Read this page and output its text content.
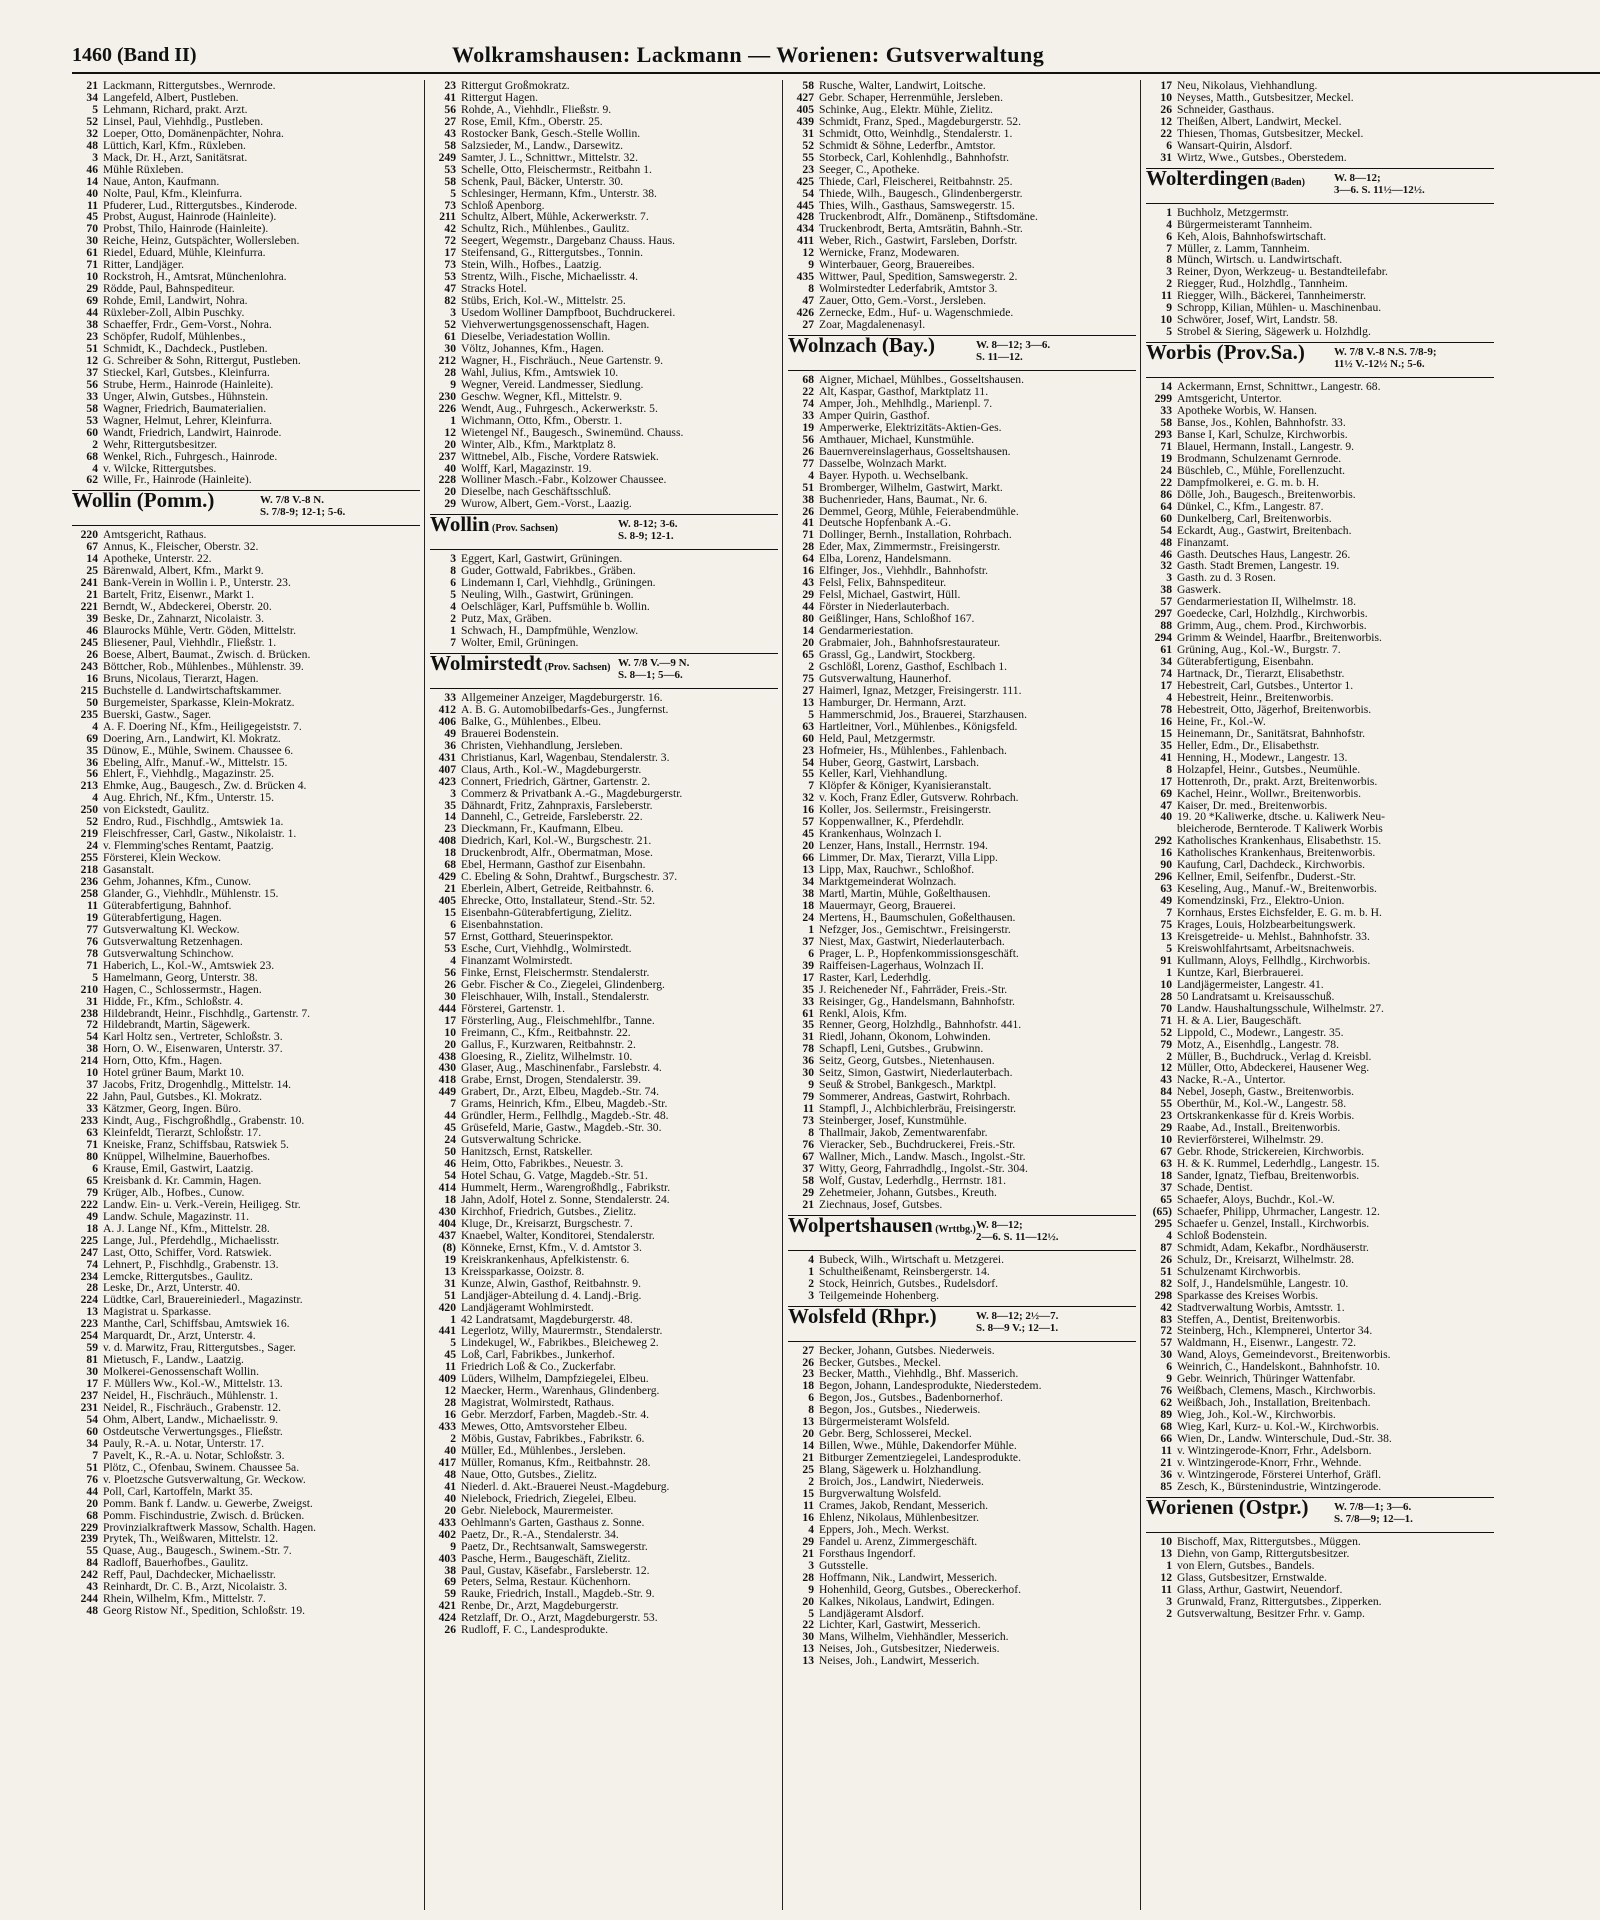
1460 (Band II)	Wolkramshausen: Lackmann — Worienen: Gutsverwaltung
21 Lackmann, Rittergutsbes., Wernrode.
34 Langefeld, Albert, Pustleben.
5 Lehmann, Richard, prakt. Arzt.
52 Linsel, Paul, Viehhdlg., Pustleben.
32 Loeper, Otto, Domänenpächter, Nohra.
48 Lüttich, Karl, Kfm., Rüxleben.
3 Mack, Dr. H., Arzt, Sanitätsrat.
46 Mühle Rüxleben.
14 Naue, Anton, Kaufmann.
40 Nolte, Paul, Kfm., Kleinfurra.
11 Pfuderer, Lud., Rittergutsbes., Kinderode.
45 Probst, August, Hainrode (Hainleite).
70 Probst, Thilo, Hainrode (Hainleite).
30 Reiche, Heinz, Gutspächter, Wollersleben.
61 Riedel, Eduard, Mühle, Kleinfurra.
71 Ritter, Landjäger.
10 Rockstroh, H., Amtsrat, Münchenlohra.
29 Rödde, Paul, Bahnspediteur.
69 Rohde, Emil, Landwirt, Nohra.
44 Rüxleber-Zoll, Albin Puschky.
38 Schaeffer, Frdr., Gem-Vorst., Nohra.
23 Schöpfer, Rudolf, Mühlenbes.,
51 Schmidt, K., Dachdeck., Pustleben.
12 G. Schreiber & Sohn, Rittergut, Pustleben.
37 Stieckel, Karl, Gutsbes., Kleinfurra.
56 Strube, Herm., Hainrode (Hainleite).
33 Unger, Alwin, Gutsbes., Hühnstein.
58 Wagner, Friedrich, Baumaterialien.
53 Wagner, Helmut, Lehrer, Kleinfurra.
60 Wandt, Friedrich, Landwirt, Hainrode.
2 Wehr, Rittergutsbesitzer.
68 Wenkel, Rich., Fuhrgesch., Hainrode.
4 v. Wilcke, Rittergutsbes.
62 Wille, Fr., Hainrode (Hainleite).
Wollin (Pomm.)	W. 7/8 V.-8 N.
S. 7/8-9; 12-1; 5-6.
220 Amtsgericht, Rathaus.
67 Annus, K., Fleischer, Oberstr. 32.
14 Apotheke, Unterstr. 22.
25 Bärenwald, Albert, Kfm., Markt 9.
241 Bank-Verein in Wollin i. P., Unterstr. 23.
21 Bartelt, Fritz, Eisenwr., Markt 1.
221 Berndt, W., Abdeckerei, Oberstr. 20.
39 Beske, Dr., Zahnarzt, Nicolaistr. 3.
46 Blaurocks Mühle, Vertr. Göden, Mittelstr.
245 Bliesener, Paul, Viehhdlr., Fließstr. 1.
26 Boese, Albert, Baumat., Zwisch. d. Brücken.
243 Böttcher, Rob., Mühlenbes., Mühlenstr. 39.
16 Bruns, Nicolaus, Tierarzt, Hagen.
215 Buchstelle d. Landwirtschaftskammer.
50 Burgemeister, Sparkasse, Klein-Mokratz.
235 Buerski, Gastw., Sager.
4 A. F. Doering Nf., Kfm., Heiligegeiststr. 7.
69 Doering, Arn., Landwirt, Kl. Mokratz.
35 Dünow, E., Mühle, Swinem. Chaussee 6.
36 Ebeling, Alfr., Manuf.-W., Mittelstr. 15.
56 Ehlert, F., Viehhdlg., Magazinstr. 25.
213 Ehmke, Aug., Baugesch., Zw. d. Brücken 4.
4 Aug. Ehrich, Nf., Kfm., Unterstr. 15.
250 von Eickstedt, Gaulitz.
52 Endro, Rud., Fischhdlg., Amtswiek 1a.
219 Fleischfresser, Carl, Gastw., Nikolaistr. 1.
24 v. Flemming'sches Rentamt, Paatzig.
255 Försterei, Klein Weckow.
218 Gasanstalt.
236 Gehm, Johannes, Kfm., Cunow.
258 Glander, G., Viehhdlr., Mühlenstr. 15.
11 Güterabfertigung, Bahnhof.
19 Güterabfertigung, Hagen.
77 Gutsverwaltung Kl. Weckow.
76 Gutsverwaltung Retzenhagen.
78 Gutsverwaltung Schinchow.
71 Haberich, L., Kol.-W., Amtswiek 23.
5 Hamelmann, Georg, Unterstr. 38.
210 Hagen, C., Schlossermstr., Hagen.
31 Hidde, Fr., Kfm., Schloßstr. 4.
238 Hildebrandt, Heinr., Fischhdlg., Gartenstr. 7.
72 Hildebrandt, Martin, Sägewerk.
54 Karl Holtz sen., Vertreter, Schloßstr. 3.
38 Horn, O. W., Eisenwaren, Unterstr. 37.
214 Horn, Otto, Kfm., Hagen.
10 Hotel grüner Baum, Markt 10.
37 Jacobs, Fritz, Drogenhdlg., Mittelstr. 14.
22 Jahn, Paul, Gutsbes., Kl. Mokratz.
33 Kätzmer, Georg, Ingen. Büro.
233 Kindt, Aug., Fischgroßhdlg., Grabenstr. 10.
63 Kleinfeldt, Tierarzt, Schloßstr. 17.
71 Kneiske, Franz, Schiffsbau, Ratswiek 5.
80 Knüppel, Wilhelmine, Bauerhofbes.
6 Krause, Emil, Gastwirt, Laatzig.
65 Kreisbank d. Kr. Cammin, Hagen.
79 Krüger, Alb., Hofbes., Cunow.
222 Landw. Ein- u. Verk.-Verein, Heiligeg. Str.
49 Landw. Schule, Magazinstr. 11.
18 A. J. Lange Nf., Kfm., Mittelstr. 28.
225 Lange, Jul., Pferdehdlg., Michaelisstr.
247 Last, Otto, Schiffer, Vord. Ratswiek.
74 Lehnert, P., Fischhdlg., Grabenstr. 13.
234 Lemcke, Rittergutsbes., Gaulitz.
28 Leske, Dr., Arzt, Unterstr. 40.
224 Lüdtke, Carl, Brauereiniederl., Magazinstr.
13 Magistrat u. Sparkasse.
223 Manthe, Carl, Schiffsbau, Amtswiek 16.
254 Marquardt, Dr., Arzt, Unterstr. 4.
59 v. d. Marwitz, Frau, Rittergutsbes., Sager.
81 Mietusch, F., Landw., Laatzig.
30 Molkerei-Genossenschaft Wollin.
17 F. Müllers Ww., Kol.-W., Mittelstr. 13.
237 Neidel, H., Fischräuch., Mühlenstr. 1.
231 Neidel, R., Fischräuch., Grabenstr. 12.
54 Ohm, Albert, Landw., Michaelisstr. 9.
60 Ostdeutsche Verwertungsges., Fließstr.
34 Pauly, R.-A. u. Notar, Unterstr. 17.
7 Pavelt, K., R.-A. u. Notar, Schloßstr. 3.
51 Plötz, C., Ofenbau, Swinem. Chaussee 5a.
76 v. Ploetzsche Gutsverwaltung, Gr. Weckow.
44 Poll, Carl, Kartoffeln, Markt 35.
20 Pomm. Bank f. Landw. u. Gewerbe, Zweigst.
68 Pomm. Fischindustrie, Zwisch. d. Brücken.
229 Provinzialkraftwerk Massow, Schalth. Hagen.
239 Prytek, Th., Weißwaren, Mittelstr. 12.
55 Quase, Aug., Baugesch., Swinem.-Str. 7.
84 Radloff, Bauerhofbes., Gaulitz.
242 Reff, Paul, Dachdecker, Michaelisstr.
43 Reinhardt, Dr. C. B., Arzt, Nicolaistr. 3.
244 Rhein, Wilhelm, Kfm., Mittelstr. 7.
48 Georg Ristow Nf., Spedition, Schloßstr. 19.
23 Rittergut Großmokratz.
41 Rittergut Hagen.
56 Rohde, A., Viehhdlr., Fließstr. 9.
27 Rose, Emil, Kfm., Oberstr. 25.
43 Rostocker Bank, Gesch.-Stelle Wollin.
58 Salzsieder, M., Landw., Darsewitz.
249 Samter, J. L., Schnittwr., Mittelstr. 32.
53 Schelle, Otto, Fleischermstr., Reitbahn 1.
58 Schenk, Paul, Bäcker, Unterstr. 30.
5 Schlesinger, Hermann, Kfm., Unterstr. 38.
73 Schloß Apenborg.
211 Schultz, Albert, Mühle, Ackerwerkstr. 7.
42 Schultz, Rich., Mühlenbes., Gaulitz.
72 Seegert, Wegemstr., Dargebanz Chauss. Haus.
17 Steifensand, G., Rittergutsbes., Tonnin.
73 Stein, Wilh., Hofbes., Laatzig.
53 Strentz, Wilh., Fische, Michaelisstr. 4.
47 Stracks Hotel.
82 Stübs, Erich, Kol.-W., Mittelstr. 25.
3 Usedom Wolliner Dampfboot, Buchdruckerei.
52 Viehverwertungsgenossenschaft, Hagen.
61 Dieselbe, Veriadestation Wollin.
30 Völtz, Johannes, Kfm., Hagen.
212 Wagner, H., Fischräuch., Neue Gartenstr. 9.
28 Wahl, Julius, Kfm., Amtswiek 10.
9 Wegner, Vereid. Landmesser, Siedlung.
230 Geschw. Wegner, Kfl., Mittelstr. 9.
226 Wendt, Aug., Fuhrgesch., Ackerwerkstr. 5.
1 Wichmann, Otto, Kfm., Oberstr. 1.
12 Wietengel Nf., Baugesch., Swinemünd. Chauss.
20 Winter, Alb., Kfm., Marktplatz 8.
237 Wittnebel, Alb., Fische, Vordere Ratswiek.
40 Wolff, Karl, Magazinstr. 19.
228 Wolliner Masch.-Fabr., Kolzower Chaussee.
20 Dieselbe, nach Geschäftsschluß.
29 Wurow, Albert, Gem.-Vorst., Laazig.
Wollin (Prov. Sachsen)	W. 8-12; 3-6.
S. 8-9; 12-1.
3 Eggert, Karl, Gastwirt, Grüningen.
8 Guder, Gottwald, Fabrikbes., Gräben.
6 Lindemann I, Carl, Viehhdlg., Grüningen.
5 Neuling, Wilh., Gastwirt, Grüningen.
4 Oelschläger, Karl, Puffsmühle b. Wollin.
2 Putz, Max, Gräben.
1 Schwach, H., Dampfmühle, Wenzlow.
7 Wolter, Emil, Grüningen.
Wolmirstedt (Prov. Sachsen) W. 7/8 V.—9 N.
S. 8—1; 5—6.
33 Allgemeiner Anzeiger, Magdeburgerstr. 16.
412 A. B. G. Automobilbedarfs-Ges., Jungfernst.
406 Balke, G., Mühlenbes., Elbeu.
49 Brauerei Bodenstein.
36 Christen, Viehhandlung, Jersleben.
431 Christianus, Karl, Wagenbau, Stendalerstr. 3.
407 Claus, Arth., Kol.-W., Magdeburgerstr.
423 Connert, Friedrich, Gärtner, Gartenstr. 2.
3 Commerz & Privatbank A.-G., Magdeburgerstr.
35 Dähnardt, Fritz, Zahnpraxis, Farsleberstr.
14 Dannehl, C., Getreide, Farsleberstr. 22.
23 Dieckmann, Fr., Kaufmann, Elbeu.
408 Diedrich, Karl, Kol.-W., Burgschestr. 21.
18 Druckenbrodt, Alfr., Obermatman, Mose.
68 Ebel, Hermann, Gasthof zur Eisenbahn.
429 C. Ebeling & Sohn, Drahtwf., Burgschestr. 37.
21 Eberlein, Albert, Getreide, Reitbahnstr. 6.
405 Ehrecke, Otto, Installateur, Stend.-Str. 52.
15 Eisenbahn-Güterabfertigung, Zielitz.
6 Eisenbahnstation.
57 Ernst, Gotthard, Steuerinspektor.
53 Esche, Curt, Viehhdlg., Wolmirstedt.
4 Finanzamt Wolmirstedt.
56 Finke, Ernst, Fleischermstr. Stendalerstr.
26 Gebr. Fischer & Co., Ziegelei, Glindenberg.
30 Fleischhauer, Wilh, Install., Stendalerstr.
444 Försterei, Gartenstr. 1.
17 Försterling, Aug., Fleischmehlfbr., Tanne.
10 Freimann, C., Kfm., Reitbahnstr. 22.
20 Gallus, F., Kurzwaren, Reitbahnstr. 2.
438 Gloesing, R., Zielitz, Wilhelmstr. 10.
430 Glaser, Aug., Maschinenfabr., Farslebstr. 4.
418 Grabe, Ernst, Drogen, Stendalerstr. 39.
449 Grabert, Dr., Arzt, Elbeu, Magdeb.-Str. 74.
7 Grams, Heinrich, Kfm., Elbeu, Magdeb.-Str.
44 Gründler, Herm., Fellhdlg., Magdeb.-Str. 48.
45 Grüsefeld, Marie, Gastw., Magdeb.-Str. 30.
24 Gutsverwaltung Schricke.
50 Hanitzsch, Ernst, Ratskeller.
46 Heim, Otto, Fabrikbes., Neuestr. 3.
54 Hotel Schau, G. Vatge, Magdeb.-Str. 51.
414 Hummelt, Herm., Warengroßhdlg., Fabrikstr.
18 Jahn, Adolf, Hotel z. Sonne, Stendalerstr. 24.
430 Kirchhof, Friedrich, Gutsbes., Zielitz.
404 Kluge, Dr., Kreisarzt, Burgschestr. 7.
437 Knaebel, Walter, Konditorei, Stendalerstr.
(8) Könneke, Ernst, Kfm., V. d. Amtstor 3.
19 Kreiskrankenhaus, Apfelkistenstr. 6.
13 Kreissparkasse, Ooizstr. 8.
31 Kunze, Alwin, Gasthof, Reitbahnstr. 9.
51 Landjäger-Abteilung d. 4. Landj.-Brig.
420 Landjägeramt Wohlmirstedt.
1 42 Landratsamt, Magdeburgerstr. 48.
441 Legerlotz, Willy, Maurermstr., Stendalerstr.
5 Lindekugel, W., Fabrikbes., Bleicheweg 2.
45 Loß, Carl, Fabrikbes., Junkerhof.
11 Friedrich Loß & Co., Zuckerfabr.
409 Lüders, Wilhelm, Dampfziegelei, Elbeu.
12 Maecker, Herm., Warenhaus, Glindenberg.
28 Magistrat, Wolmirstedt, Rathaus.
16 Gebr. Merzdorf, Farben, Magdeb.-Str. 4.
433 Mewes, Otto, Amtsvorsteher Elbeu.
2 Möbis, Gustav, Fabrikbes., Fabrikstr. 6.
40 Müller, Ed., Mühlenbes., Jersleben.
417 Müller, Romanus, Kfm., Reitbahnstr. 28.
48 Naue, Otto, Gutsbes., Zielitz.
41 Niederl. d. Akt.-Brauerei Neust.-Magdeburg.
40 Nielebock, Friedrich, Ziegelei, Elbeu.
20 Gebr. Nielebock, Maurermeister.
433 Oehlmann's Garten, Gasthaus z. Sonne.
402 Paetz, Dr., R.-A., Stendalerstr. 34.
9 Paetz, Dr., Rechtsanwalt, Samswegerstr.
403 Pasche, Herm., Baugeschäft, Zielitz.
38 Paul, Gustav, Käsefabr., Farsleberstr. 12.
69 Peters, Selma, Restaur. Küchenhorn.
59 Rauke, Friedrich, Install., Magdeb.-Str. 9.
421 Renbe, Dr., Arzt, Magdeburgerstr.
424 Retzlaff, Dr. O., Arzt, Magdeburgerstr. 53.
26 Rudloff, F. C., Landesprodukte.
58 Rusche, Walter, Landwirt, Loitsche.
427 Gebr. Schaper, Herrenmühle, Jersleben.
405 Schinke, Aug., Elektr. Mühle, Zielitz.
439 Schmidt, Franz, Sped., Magdeburgerstr. 52.
31 Schmidt, Otto, Weinhdlg., Stendalerstr. 1.
52 Schmidt & Söhne, Lederfbr., Amtstor.
55 Storbeck, Carl, Kohlenhdlg., Bahnhofstr.
23 Seeger, C., Apotheke.
425 Thiede, Carl, Fleischerei, Reitbahnstr. 25.
54 Thiede, Wilh., Baugesch., Glindenbergerstr.
445 Thies, Wilh., Gasthaus, Samswegerstr. 15.
428 Truckenbrodt, Alfr., Domänenp., Stiftsdomäne.
434 Truckenbrodt, Berta, Amtsrätin, Bahnh.-Str.
411 Weber, Rich., Gastwirt, Farsleben, Dorfstr.
12 Wernicke, Franz, Modewaren.
9 Winterbauer, Georg, Brauereibes.
435 Wittwer, Paul, Spedition, Samswegerstr. 2.
8 Wolmirstedter Lederfabrik, Amtstor 3.
47 Zauer, Otto, Gem.-Vorst., Jersleben.
426 Zernecke, Edm., Huf- u. Wagenschmiede.
27 Zoar, Magdalenenasyl.
Wolnzach (Bay.)	W. 8—12; 3—6.
S. 11—12.
68 Aigner, Michael, Mühlbes., Gosseltshausen.
22 Alt, Kaspar, Gasthof, Marktplatz 11.
74 Amper, Joh., Mehlhdlg., Marienpl. 7.
33 Amper Quirin, Gasthof.
19 Amperwerke, Elektrizitäts-Aktien-Ges.
56 Amthauer, Michael, Kunstmühle.
26 Bauernvereinslagerhaus, Gosseltshausen.
77 Dasselbe, Wolnzach Markt.
4 Bayer. Hypoth. u. Wechselbank.
51 Bromberger, Wilhelm, Gastwirt, Markt.
38 Buchenrieder, Hans, Baumat., Nr. 6.
26 Demmel, Georg, Mühle, Feierabendmühle.
41 Deutsche Hopfenbank A.-G.
71 Dollinger, Bernh., Installation, Rohrbach.
28 Eder, Max, Zimmermstr., Freisingerstr.
64 Elba, Lorenz, Handelsmann.
16 Elfinger, Jos., Viehhdlr., Bahnhofstr.
43 Felsl, Felix, Bahnspediteur.
29 Felsl, Michael, Gastwirt, Hüll.
44 Förster in Niederlauterbach.
80 Geißlinger, Hans, Schloßhof 167.
14 Gendarmeriestation.
20 Grabmaier, Joh., Bahnhofsrestaurateur.
65 Grassl, Gg., Landwirt, Stockberg.
2 Gschlößl, Lorenz, Gasthof, Eschlbach 1.
75 Gutsverwaltung, Haunerhof.
27 Haimerl, Ignaz, Metzger, Freisingerstr. 111.
13 Hamburger, Dr. Hermann, Arzt.
5 Hammerschmid, Jos., Brauerei, Starzhausen.
63 Hartleitner, Vorl., Mühlenbes., Königsfeld.
60 Held, Paul, Metzgermstr.
23 Hofmeier, Hs., Mühlenbes., Fahlenbach.
54 Huber, Georg, Gastwirt, Larsbach.
55 Keller, Karl, Viehhandlung.
7 Klöpfer & Königer, Kyanisieranstalt.
32 v. Koch, Franz Edler, Gutsverw. Rohrbach.
16 Koller, Jos. Seilermstr., Freisingerstr.
57 Koppenwallner, K., Pferdehdlr.
45 Krankenhaus, Wolnzach I.
20 Lenzer, Hans, Install., Herrnstr. 194.
66 Limmer, Dr. Max, Tierarzt, Villa Lipp.
13 Lipp, Max, Rauchwr., Schloßhof.
34 Marktgemeinderat Wolnzach.
38 Martl, Martin, Mühle, Goßelthausen.
18 Mauermayr, Georg, Brauerei.
24 Mertens, H., Baumschulen, Goßelthausen.
1 Nefzger, Jos., Gemischtwr., Freisingerstr.
37 Niest, Max, Gastwirt, Niederlauterbach.
6 Prager, L. P., Hopfenkommissionsgeschäft.
39 Raiffeisen-Lagerhaus, Wolnzach II.
17 Raster, Karl, Lederhdlg.
35 J. Reicheneder Nf., Fahrräder, Freis.-Str.
33 Reisinger, Gg., Handelsmann, Bahnhofstr.
61 Renkl, Alois, Kfm.
35 Renner, Georg, Holzhdlg., Bahnhofstr. 441.
31 Riedl, Johann, Ökonom, Lohwinden.
78 Schapfl, Leni, Gutsbes., Grubwinn.
36 Seitz, Georg, Gutsbes., Nietenhausen.
30 Seitz, Simon, Gastwirt, Niederlauterbach.
9 Seuß & Strobel, Bankgesch., Marktpl.
79 Sommerer, Andreas, Gastwirt, Rohrbach.
11 Stampfl, J., Alchbichlerbräu, Freisingerstr.
73 Steinberger, Josef, Kunstmühle.
8 Thallmair, Jakob, Zementwarenfabr.
76 Vieracker, Seb., Buchdruckerei, Freis.-Str.
67 Wallner, Mich., Landw. Masch., Ingolst.-Str.
37 Witty, Georg, Fahrradhdlg., Ingolst.-Str. 304.
58 Wolf, Gustav, Lederhdlg., Herrnstr. 181.
29 Zehetmeier, Johann, Gutsbes., Kreuth.
21 Ziechnaus, Josef, Gutsbes.
Wolpertshausen (Wrttbg.) W. 8—12;
2—6. S. 11—12½.
4 Bubeck, Wilh., Wirtschaft u. Metzgerei.
1 Schultheißenamt, Reinsbergerstr. 14.
2 Stock, Heinrich, Gutsbes., Rudelsdorf.
3 Teilgemeinde Hohenberg.
Wolsfeld (Rhpr.)	W. 8—12; 2½—7.
S. 8—9 V.; 12—1.
27 Becker, Johann, Gutsbes. Niederweis.
26 Becker, Gutsbes., Meckel.
23 Becker, Matth., Viehhdlg., Bhf. Masserich.
18 Begon, Johann, Landesprodukte, Niederstedem.
6 Begon, Jos., Gutsbes., Badenbornerhof.
8 Begon, Jos., Gutsbes., Niederweis.
13 Bürgermeisteramt Wolsfeld.
20 Gebr. Berg, Schlosserei, Meckel.
14 Billen, Wwe., Mühle, Dakendorfer Mühle.
21 Bitburger Zementziegelei, Landesprodukte.
25 Blang, Sägewerk u. Holzhandlung.
2 Broich, Jos., Landwirt, Niederweis.
15 Burgverwaltung Wolsfeld.
11 Crames, Jakob, Rendant, Messerich.
16 Ehlenz, Nikolaus, Mühlenbesitzer.
4 Eppers, Joh., Mech. Werkst.
29 Fandel u. Arenz, Zimmergeschäft.
21 Forsthaus Ingendorf.
3 Gutsstelle.
28 Hoffmann, Nik., Landwirt, Messerich.
9 Hohenhild, Georg, Gutsbes., Obereckerhof.
20 Kalkes, Nikolaus, Landwirt, Edingen.
5 Landjägeramt Alsdorf.
22 Lichter, Karl, Gastwirt, Messerich.
30 Mans, Wilhelm, Viehhändler, Messerich.
13 Neises, Joh., Gutsbesitzer, Niederweis.
13 Neises, Joh., Landwirt, Messerich.
17 Neu, Nikolaus, Viehhandlung.
10 Neyses, Matth., Gutsbesitzer, Meckel.
26 Schneider, Gasthaus.
12 Theißen, Albert, Landwirt, Meckel.
22 Thiesen, Thomas, Gutsbesitzer, Meckel.
6 Wansart-Quirin, Alsdorf.
31 Wirtz, Wwe., Gutsbes., Oberstedem.
Wolterdingen (Baden)	W. 8—12;
3—6. S. 11½—12½.
1 Buchholz, Metzgermstr.
4 Bürgermeisteramt Tannheim.
6 Keh, Alois, Bahnhofswirtschaft.
7 Müller, z. Lamm, Tannheim.
8 Münch, Wirtsch. u. Landwirtschaft.
3 Reiner, Dyon, Werkzeug- u. Bestandteilefabr.
2 Riegger, Rud., Holzhdlg., Tannheim.
11 Riegger, Wilh., Bäckerei, Tannheimerstr.
9 Schropp, Kilian, Mühlen- u. Maschinenbau.
10 Schwörer, Josef, Wirt, Landstr. 58.
5 Strobel & Siering, Sägewerk u. Holzhdlg.
Worbis (Prov.Sa.)	W. 7/8 V.-8 N.S. 7/8-9;
11½ V.-12½ N.; 5-6.
14 Ackermann, Ernst, Schnittwr., Langestr. 68.
299 Amtsgericht, Untertor.
33 Apotheke Worbis, W. Hansen.
58 Banse, Jos., Kohlen, Bahnhofstr. 33.
293 Banse I, Karl, Schulze, Kirchworbis.
71 Blauel, Hermann, Install., Langestr. 9.
19 Brodmann, Schulzenamt Gernrode.
24 Büschleb, C., Mühle, Forellenzucht.
22 Dampfmolkerei, e. G. m. b. H.
86 Dölle, Joh., Baugesch., Breitenworbis.
64 Dünkel, C., Kfm., Langestr. 87.
60 Dunkelberg, Carl, Breitenworbis.
54 Eckardt, Aug., Gastwirt, Breitenbach.
48 Finanzamt.
46 Gasth. Deutsches Haus, Langestr. 26.
32 Gasth. Stadt Bremen, Langestr. 19.
3 Gasth. zu d. 3 Rosen.
38 Gaswerk.
57 Gendarmeriestation II, Wilhelmstr. 18.
297 Goedecke, Carl, Holzhdlg., Kirchworbis.
88 Grimm, Aug., chem. Prod., Kirchworbis.
294 Grimm & Weindel, Haarfbr., Breitenworbis.
61 Grüning, Aug., Kol.-W., Burgstr. 7.
34 Güterabfertigung, Eisenbahn.
74 Hartnack, Dr., Tierarzt, Elisabethstr.
17 Hebestreit, Carl, Gutsbes., Untertor 1.
4 Hebestreit, Heinr., Breitenworbis.
78 Hebestreit, Otto, Jägerhof, Breitenworbis.
16 Heine, Fr., Kol.-W.
15 Heinemann, Dr., Sanitätsrat, Bahnhofstr.
35 Heller, Edm., Dr., Elisabethstr.
41 Henning, H., Modewr., Langestr. 13.
8 Holzapfel, Heinr., Gutsbes., Neumühle.
17 Hottenroth, Dr., prakt. Arzt, Breitenworbis.
69 Kachel, Heinr., Wollwr., Breitenworbis.
47 Kaiser, Dr. med., Breitenworbis.
40 19. 20 *Kaliwerke, dtsche. u. Kaliwerk Neu-
bleicherode, Bernterode. T Kaliwerk Worbis
292 Katholisches Krankenhaus, Elisabethstr. 15.
16 Katholisches Krankenhaus, Breitenworbis.
90 Kaufung, Carl, Dachdeck., Kirchworbis.
296 Kellner, Emil, Seifenfbr., Duderst.-Str.
63 Keseling, Aug., Manuf.-W., Breitenworbis.
49 Komendzinski, Frz., Elektro-Union.
7 Kornhaus, Erstes Eichsfelder, E. G. m. b. H.
75 Krages, Louis, Holzbearbeitungswerk.
13 Kreisgetreide- u. Mehlst., Bahnhofstr. 33.
5 Kreiswohlfahrtsamt, Arbeitsnachweis.
91 Kullmann, Aloys, Fellhdlg., Kirchworbis.
1 Kuntze, Karl, Bierbrauerei.
10 Landjägermeister, Langestr. 41.
28 50 Landratsamt u. Kreisausschuß.
70 Landw. Haushaltungsschule, Wilhelmstr. 27.
71 H. & A. Lier, Baugeschäft.
52 Lippold, C., Modewr., Langestr. 35.
79 Motz, A., Eisenhdlg., Langestr. 78.
2 Müller, B., Buchdruck., Verlag d. Kreisbl.
12 Müller, Otto, Abdeckerei, Hausener Weg.
43 Nacke, R.-A., Untertor.
84 Nebel, Joseph, Gastw., Breitenworbis.
55 Oberthür, M., Kol.-W., Langestr. 58.
23 Ortskrankenkasse für d. Kreis Worbis.
29 Raabe, Ad., Install., Breitenworbis.
10 Revierförsterei, Wilhelmstr. 29.
67 Gebr. Rhode, Strickereien, Kirchworbis.
63 H. & K. Rummel, Lederhdlg., Langestr. 15.
18 Sander, Ignatz, Tiefbau, Breitenworbis.
37 Schade, Dentist.
65 Schaefer, Aloys, Buchdr., Kol.-W.
(65) Schaefer, Philipp, Uhrmacher, Langestr. 12.
295 Schaefer u. Genzel, Install., Kirchworbis.
4 Schloß Bodenstein.
87 Schmidt, Adam, Kekafbr., Nordhäuserstr.
26 Schulz, Dr., Kreisarzt, Wilhelmstr. 28.
51 Schulzenamt Kirchworbis.
82 Solf, J., Handelsmühle, Langestr. 10.
298 Sparkasse des Kreises Worbis.
42 Stadtverwaltung Worbis, Amtsstr. 1.
83 Steffen, A., Dentist, Breitenworbis.
72 Steinberg, Hch., Klempnerei, Untertor 34.
57 Waldmann, H., Eisenwr., Langestr. 72.
30 Wand, Aloys, Gemeindevorst., Breitenworbis.
6 Weinrich, C., Handelskont., Bahnhofstr. 10.
9 Gebr. Weinrich, Thüringer Wattenfabr.
76 Weißbach, Clemens, Masch., Kirchworbis.
62 Weißbach, Joh., Installation, Breitenbach.
89 Wieg, Joh., Kol.-W., Kirchworbis.
68 Wieg, Karl, Kurz- u. Kol.-W., Kirchworbis.
66 Wien, Dr., Landw. Winterschule, Dud.-Str. 38.
11 v. Wintzingerode-Knorr, Frhr., Adelsborn.
21 v. Wintzingerode-Knorr, Frhr., Wehnde.
36 v. Wintzingerode, Försterei Unterhof, Gräfl.
85 Zesch, K., Bürstenindustrie, Wintzingerode.
Worienen (Ostpr.) W. 7/8—1; 3—6.
S. 7/8—9; 12—1.
10 Bischoff, Max, Rittergutsbes., Müggen.
13 Diehn, von Gamp, Rittergutsbesitzer.
1 von Elern, Gutsbes., Bandels.
12 Glass, Gutsbesitzer, Ernstwalde.
11 Glass, Arthur, Gastwirt, Neuendorf.
3 Grunwald, Franz, Rittergutsbes., Zipperken.
2 Gutsverwaltung, Besitzer Frhr. v. Gamp.
